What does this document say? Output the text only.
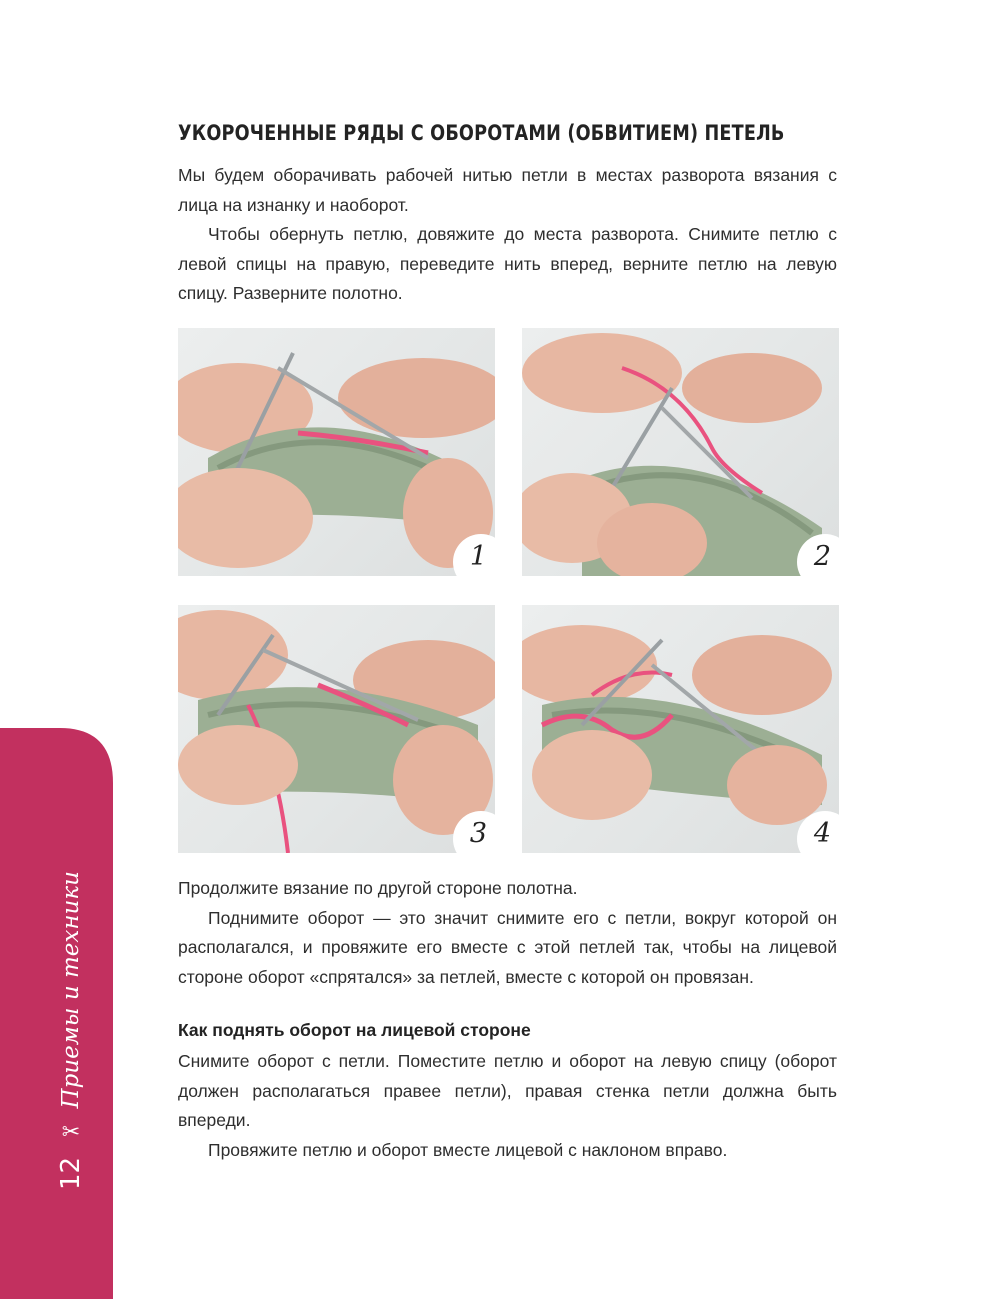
УКОРОЧЕННЫЕ РЯДЫ С ОБОРОТАМИ (ОБВИТИЕМ) ПЕТЕЛЬ

Мы будем оборачивать рабочей нитью петли в местах разворота вязания с лица на изнанку и наоборот.

Чтобы обернуть петлю, довяжите до места разворота. Снимите петлю с левой спицы на правую, переведите нить вперед, верните петлю на левую спицу. Разверните полотно.

1	2
3	4

Продолжите вязание по другой стороне полотна.

Поднимите оборот — это значит снимите его с петли, вокруг которой он располагался, и провяжите его вместе с этой петлей так, чтобы на лицевой стороне оборот «спрятался» за петлей, вместе с которой он провязан.

Как поднять оборот на лицевой стороне

Снимите оборот с петли. Поместите петлю и оборот на левую спицу (оборот должен располагаться правее петли), правая стенка петли должна быть впереди.

Провяжите петлю и оборот вместе лицевой с наклоном вправо.

12
✂
Приемы и техники
